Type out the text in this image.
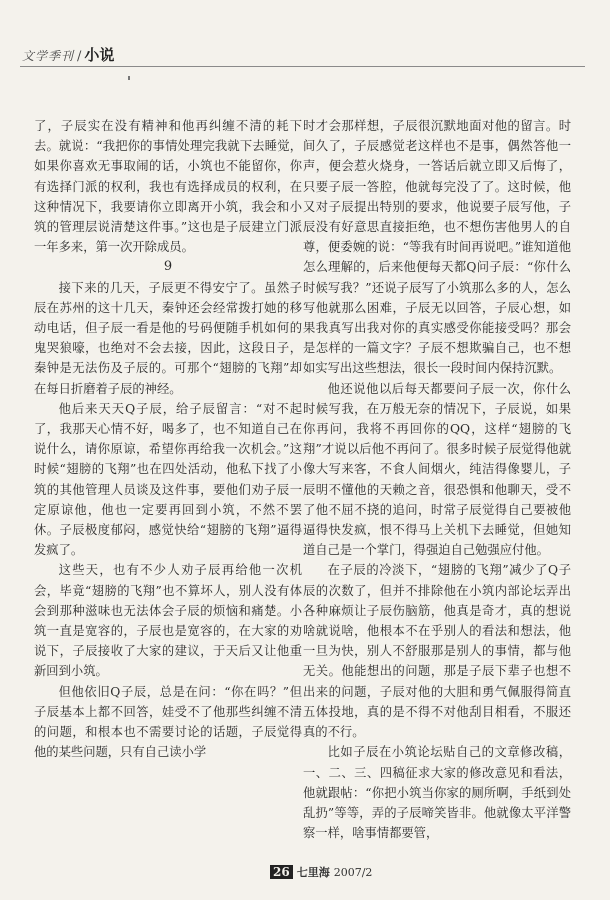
文学季刊 / 小说

了，子辰实在没有精神和他再纠缠不清的耗下去。就说：“我把你的事情处理完我就下去睡觉，如果你喜欢无事取闹的话，小筑也不能留你，你有选择门派的权利，我也有选择成员的权利，在这种情况下，我要请你立即离开小筑，我会和小筑的管理层说清楚这件事。”这也是子辰建立门派一年多来，第一次开除成员。

9

接下来的几天，子辰更不得安宁了。虽然子辰在苏州的这十几天，秦钟还会经常拨打她的移动电话，但子辰一看是他的号码便随手机如何的鬼哭狼嚎，也绝对不会去接，因此，这段日子，秦钟是无法伤及子辰的。可那个“翅膀的飞翔”却在每日折磨着子辰的神经。

他后来天天Q子辰，给子辰留言：“对不起了，我那天心情不好，喝多了，也不知道自己在说什么，请你原谅，希望你再给我一次机会。”这时候“翅膀的飞翔”也在四处活动，他私下找了小筑的其他管理人员谈及这件事，要他们劝子辰一定原谅他，他也一定要再回到小筑，不然不罢休。子辰极度郁闷，感觉快给“翅膀的飞翔”逼得发疯了。

这些天，也有不少人劝子辰再给他一次机会，毕竟“翅膀的飞翔”也不算坏人，别人没有体会到那种滋味也无法体会子辰的烦恼和痛楚。小筑一直是宽容的，子辰也是宽容的，在大家的劝说下，子辰接收了大家的建议，于天后又让他重新回到小筑。

但他依旧Q子辰，总是在问：“你在吗？”但子辰基本上都不回答，娃受不了他那些纠缠不清的问题，和根本也不需要讨论的话题，子辰觉得他的某些问题，只有自己读小学

时才会那样想，子辰很沉默地面对他的留言。时间久了，子辰感觉老这样也不是事，偶然答他一声，便会惹火烧身，一答话后就立即又后悔了，只要子辰一答腔，他就每完没了了。这时候，他又对子辰提出特别的要求，他说要子辰写他，子辰没有好意思直接拒绝，也不想伤害他男人的自尊，便委婉的说：“等我有时间再说吧。”谁知道他怎么理解的，后来他便每天都Q问子辰：“你什么时候写我？”还说子辰写了小筑那么多的人，怎么写他就那么困难，子辰无以回答，子辰心想，如果我真写出我对你的真实感受你能接受吗？那会是怎样的一篇文字？子辰不想欺骗自己，也不想如实写出这些想法，很长一段时间内保持沉默。

他还说他以后每天都要问子辰一次，你什么时候写我，在万般无奈的情况下，子辰说，如果你再问，我将不再回你的QQ，这样“翅膀的飞翔”才说以后他不再问了。很多时候子辰觉得他就像大写来客，不食人间烟火，纯洁得像婴儿，子辰明不懂他的天赖之音，很恐惧和他聊天，受不了他不屈不挠的追问，时常子辰觉得自己要被他逼得快发疯，恨不得马上关机下去睡觉，但她知道自己是一个掌门，得强迫自己勉强应付他。

在子辰的冷淡下，“翅膀的飞翔”减少了Q子辰的次数了，但并不排除他在小筑内部论坛弄出各种麻烦让子辰伤脑筋，他真是奇才，真的想说啥就说啥，他根本不在乎别人的看法和想法，他一旦为快，别人不舒服那是别人的事情，都与他无关。他能想出的问题，那是子辰下辈子也想不出来的问题，子辰对他的大胆和勇气佩服得简直五体投地，真的是不得不对他刮目相看，不服还真的不行。

比如子辰在小筑论坛贴自己的文章修改稿，一、二、三、四稿征求大家的修改意见和看法，他就跟帖：“你把小筑当你家的厕所啊，手纸到处乱扔”等等，弄的子辰啼笑皆非。他就像太平洋警察一样，啥事情都要管，

26 七里海 2007/2
